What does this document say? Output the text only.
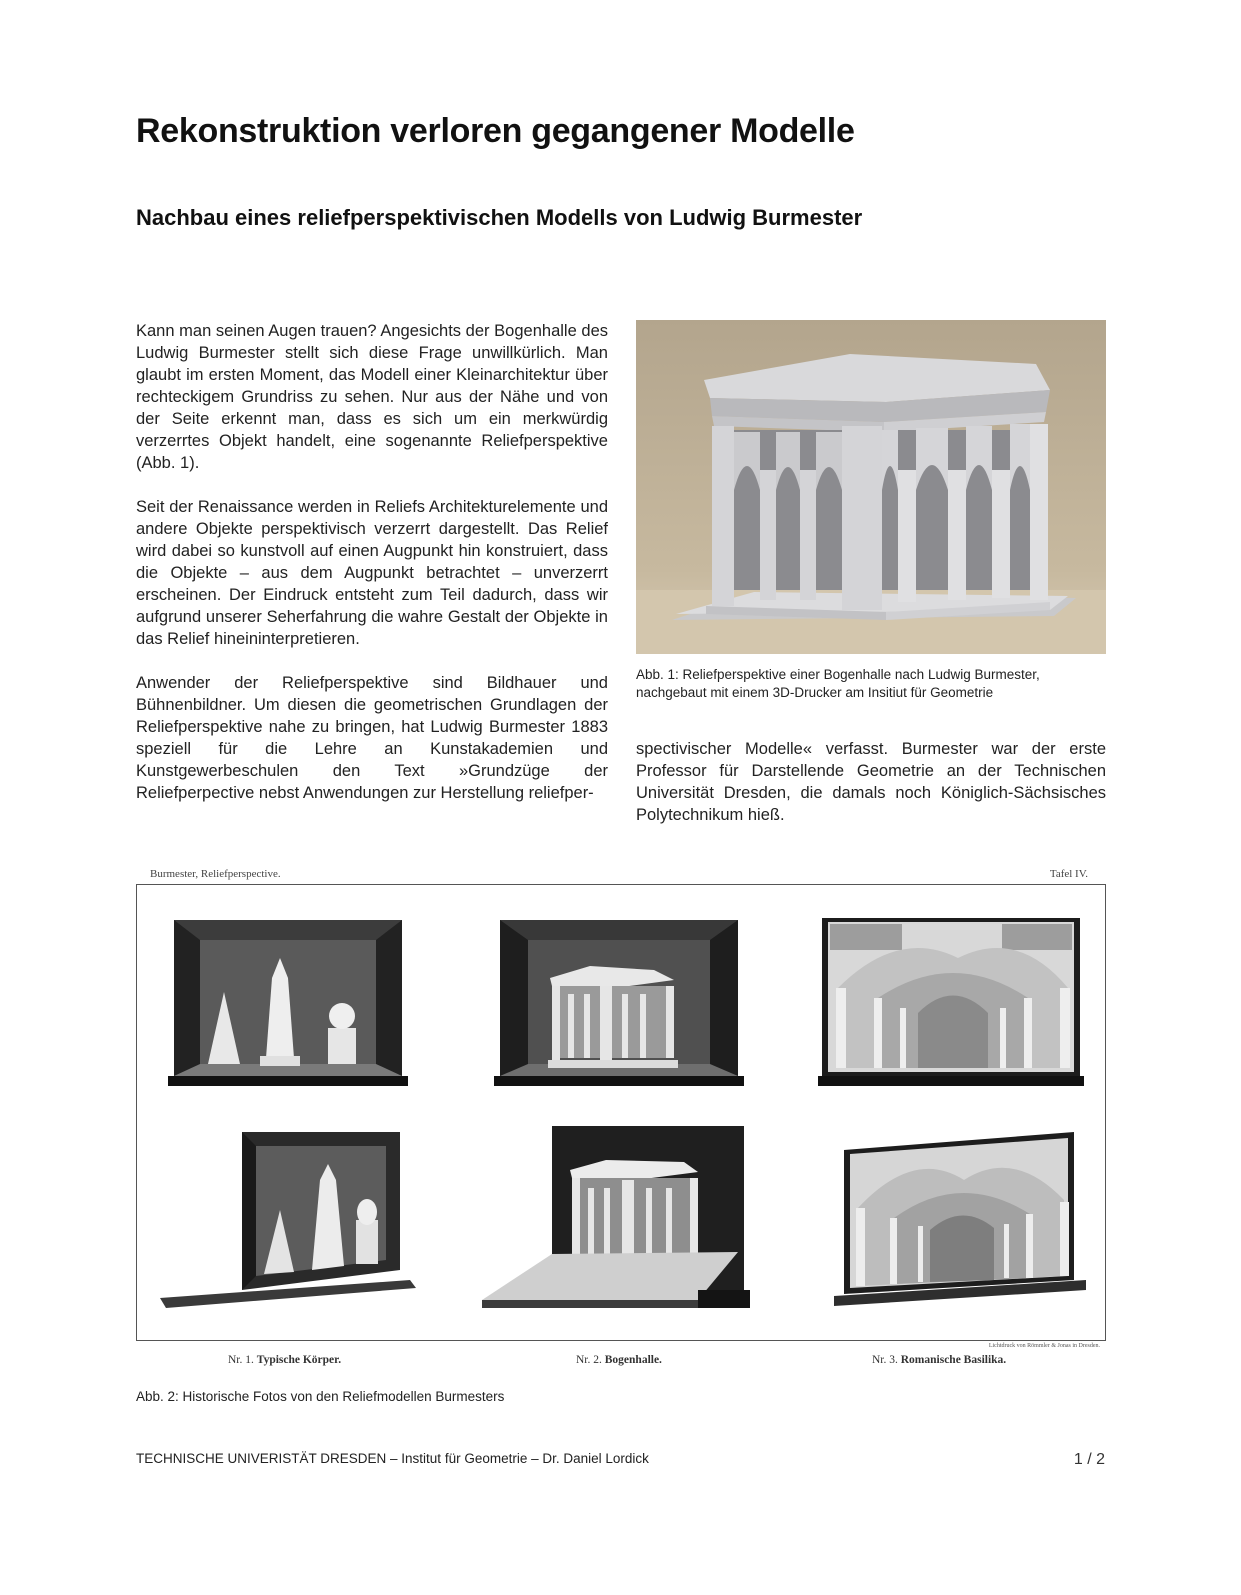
Rekonstruktion verloren gegangener Modelle
Nachbau eines reliefperspektivischen Modells von Ludwig Burmester

Kann man seinen Augen trauen? Angesichts der Bogenhalle des Ludwig Burmester stellt sich diese Frage unwillkürlich. Man glaubt im ersten Moment, das Modell einer Kleinarchitektur über rechteckigem Grundriss zu sehen. Nur aus der Nähe und von der Seite erkennt man, dass es sich um ein merkwürdig verzerrtes Objekt handelt, eine sogenannte Reliefperspektive (Abb. 1).

Seit der Renaissance werden in Reliefs Architekturelemente und andere Objekte perspektivisch verzerrt dargestellt. Das Relief wird dabei so kunstvoll auf einen Augpunkt hin konstruiert, dass die Objekte – aus dem Augpunkt betrachtet – unverzerrt erscheinen. Der Eindruck entsteht zum Teil dadurch, dass wir aufgrund unserer Seherfahrung die wahre Gestalt der Objekte in das Relief hineininterpretieren.

Anwender der Reliefperspektive sind Bildhauer und Bühnenbildner. Um diesen die geometrischen Grundlagen der Reliefperspektive nahe zu bringen, hat Ludwig Burmester 1883 speziell für die Lehre an Kunstakademien und Kunstgewerbeschulen den Text »Grundzüge der Reliefperpective nebst Anwendungen zur Herstellung reliefper-

Abb. 1: Reliefperspektive einer Bogenhalle nach Ludwig Burmester,
nachgebaut mit einem 3D-Drucker am Insitiut für Geometrie

spectivischer Modelle« verfasst. Burmester war der erste Professor für Darstellende Geometrie an der Technischen Universität Dresden, die damals noch Königlich-Sächsisches Polytechnikum hieß.

Burmester, Reliefperspective.	Tafel IV.
Lichtdruck von Römmler & Jonas in Dresden.
Nr. 1. Typische Körper.	Nr. 2. Bogenhalle.	Nr. 3. Romanische Basilika.
Abb. 2: Historische Fotos von den Reliefmodellen Burmesters
TECHNISCHE UNIVERISTÄT DRESDEN – Institut für Geometrie – Dr. Daniel Lordick	1 / 2
